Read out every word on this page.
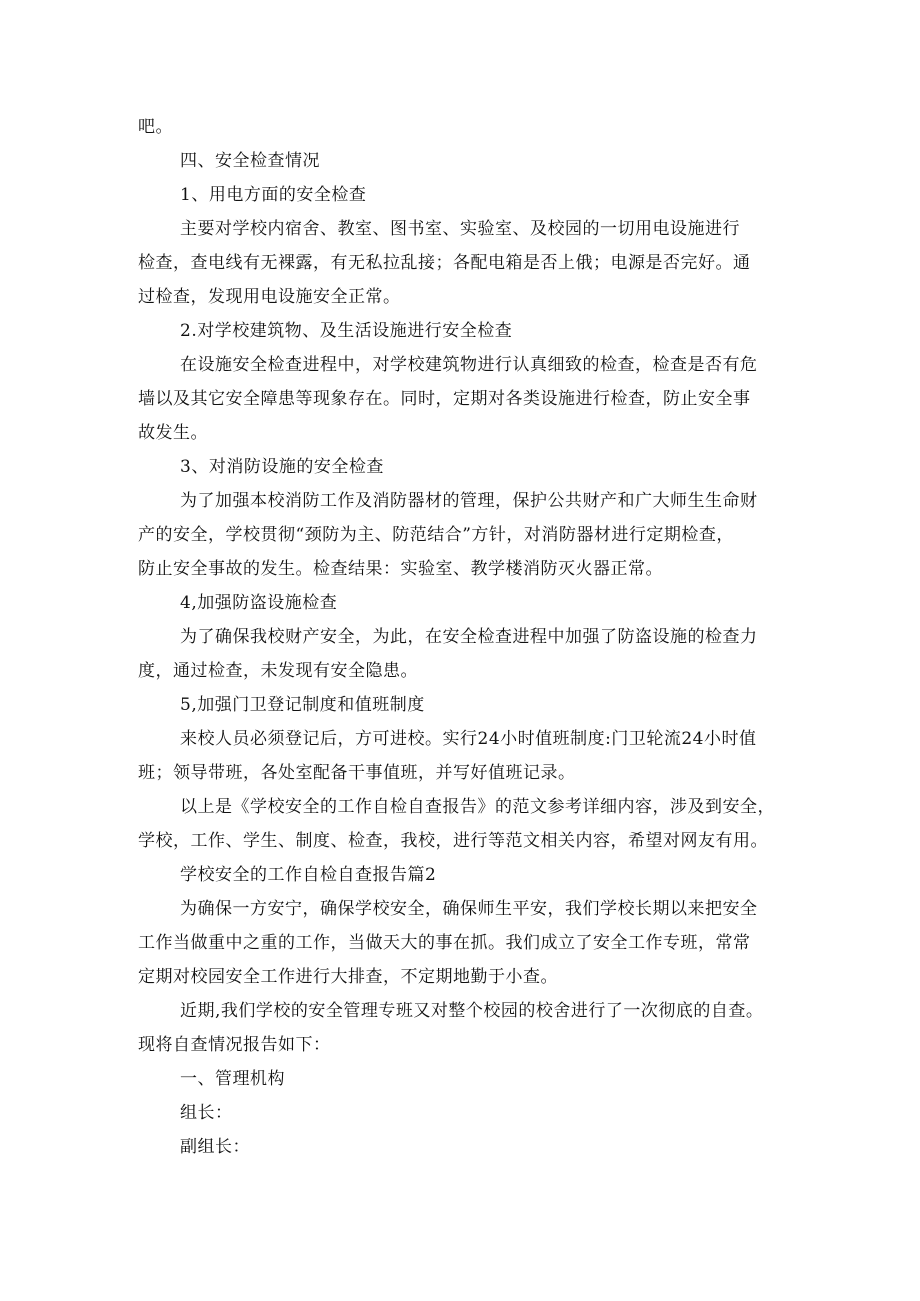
吧。

四、安全检查情况

1、用电方面的安全检查

主要对学校内宿舍、教室、图书室、实验室、及校园的一切用电设施进行
检查，查电线有无裸露，有无私拉乱接；各配电箱是否上俄；电源是否完好。通
过检查，发现用电设施安全正常。

2.对学校建筑物、及生活设施进行安全检查

在设施安全检查进程中，对学校建筑物进行认真细致的检查，检查是否有危
墙以及其它安全障患等现象存在。同时，定期对各类设施进行检查，防止安全事
故发生。

3、对消防设施的安全检查

为了加强本校消防工作及消防器材的管理，保护公共财产和广大师生生命财
产的安全，学校贯彻“颈防为主、防范结合”方针，对消防器材进行定期检查，
防止安全事故的发生。检查结果：实验室、教学楼消防灭火器正常。

4,加强防盗设施检查

为了确保我校财产安全，为此，在安全检查进程中加强了防盗设施的检查力
度，通过检查，未发现有安全隐患。

5,加强门卫登记制度和值班制度

来校人员必须登记后，方可进校。实行24小时值班制度:门卫轮流24小时值
班；领导带班，各处室配备干事值班，并写好值班记录。

以上是《学校安全的工作自检自查报告》的范文参考详细内容，涉及到安全，
学校，工作、学生、制度、检查，我校，进行等范文相关内容，希望对网友有用。

学校安全的工作自检自查报告篇2

为确保一方安宁，确保学校安全，确保师生平安，我们学校长期以来把安全
工作当做重中之重的工作，当做天大的事在抓。我们成立了安全工作专班，常常
定期对校园安全工作进行大排查，不定期地勤于小查。

近期,我们学校的安全管理专班又对整个校园的校舍进行了一次彻底的自查。
现将自查情况报告如下：

一、管理机构

组长：

副组长：
